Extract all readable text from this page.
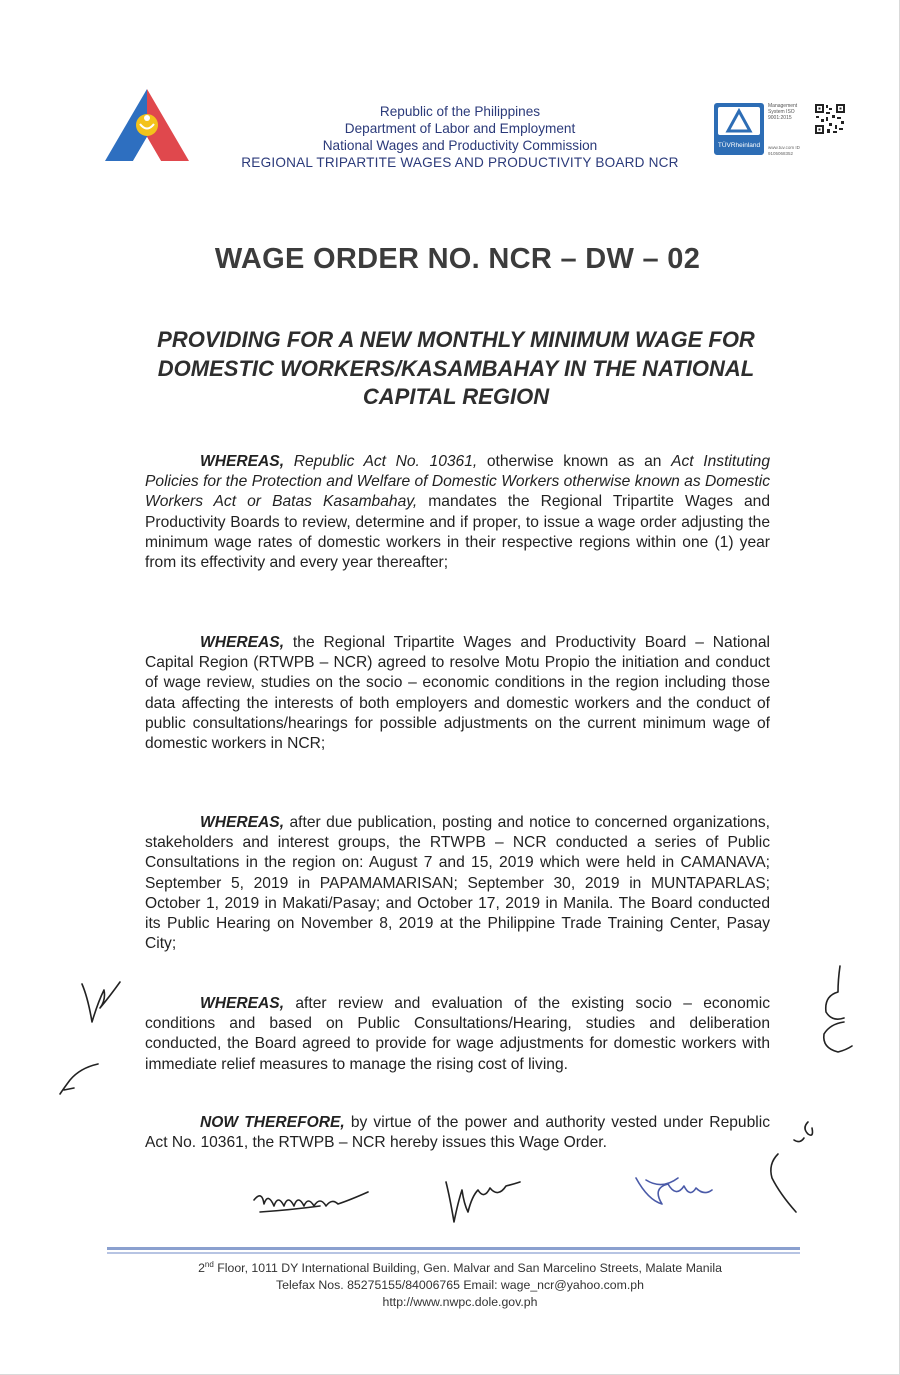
Republic of the Philippines
Department of Labor and Employment
National Wages and Productivity Commission
REGIONAL TRIPARTITE WAGES AND PRODUCTIVITY BOARD NCR
TÜVRheinland
Management System ISO 9001:2015
www.tuv.com ID 9105068352
WAGE ORDER NO. NCR – DW – 02
PROVIDING FOR A NEW MONTHLY MINIMUM WAGE FOR DOMESTIC WORKERS/KASAMBAHAY IN THE NATIONAL CAPITAL REGION
WHEREAS, Republic Act No. 10361, otherwise known as an Act Instituting Policies for the Protection and Welfare of Domestic Workers otherwise known as Domestic Workers Act or Batas Kasambahay, mandates the Regional Tripartite Wages and Productivity Boards to review, determine and if proper, to issue a wage order adjusting the minimum wage rates of domestic workers in their respective regions within one (1) year from its effectivity and every year thereafter;
WHEREAS, the Regional Tripartite Wages and Productivity Board – National Capital Region (RTWPB – NCR) agreed to resolve Motu Propio the initiation and conduct of wage review, studies on the socio – economic conditions in the region including those data affecting the interests of both employers and domestic workers and the conduct of public consultations/hearings for possible adjustments on the current minimum wage of domestic workers in NCR;
WHEREAS, after due publication, posting and notice to concerned organizations, stakeholders and interest groups, the RTWPB – NCR conducted a series of Public Consultations in the region on: August 7 and 15, 2019 which were held in CAMANAVA; September 5, 2019 in PAPAMAMARISAN; September 30, 2019 in MUNTAPARLAS; October 1, 2019 in Makati/Pasay; and October 17, 2019 in Manila. The Board conducted its Public Hearing on November 8, 2019 at the Philippine Trade Training Center, Pasay City;
WHEREAS, after review and evaluation of the existing socio – economic conditions and based on Public Consultations/Hearing, studies and deliberation conducted, the Board agreed to provide for wage adjustments for domestic workers with immediate relief measures to manage the rising cost of living.
NOW THEREFORE, by virtue of the power and authority vested under Republic Act No. 10361, the RTWPB – NCR hereby issues this Wage Order.
2nd Floor, 1011 DY International Building, Gen. Malvar and San Marcelino Streets, Malate Manila
Telefax Nos. 85275155/84006765 Email: wage_ncr@yahoo.com.ph
http://www.nwpc.dole.gov.ph
